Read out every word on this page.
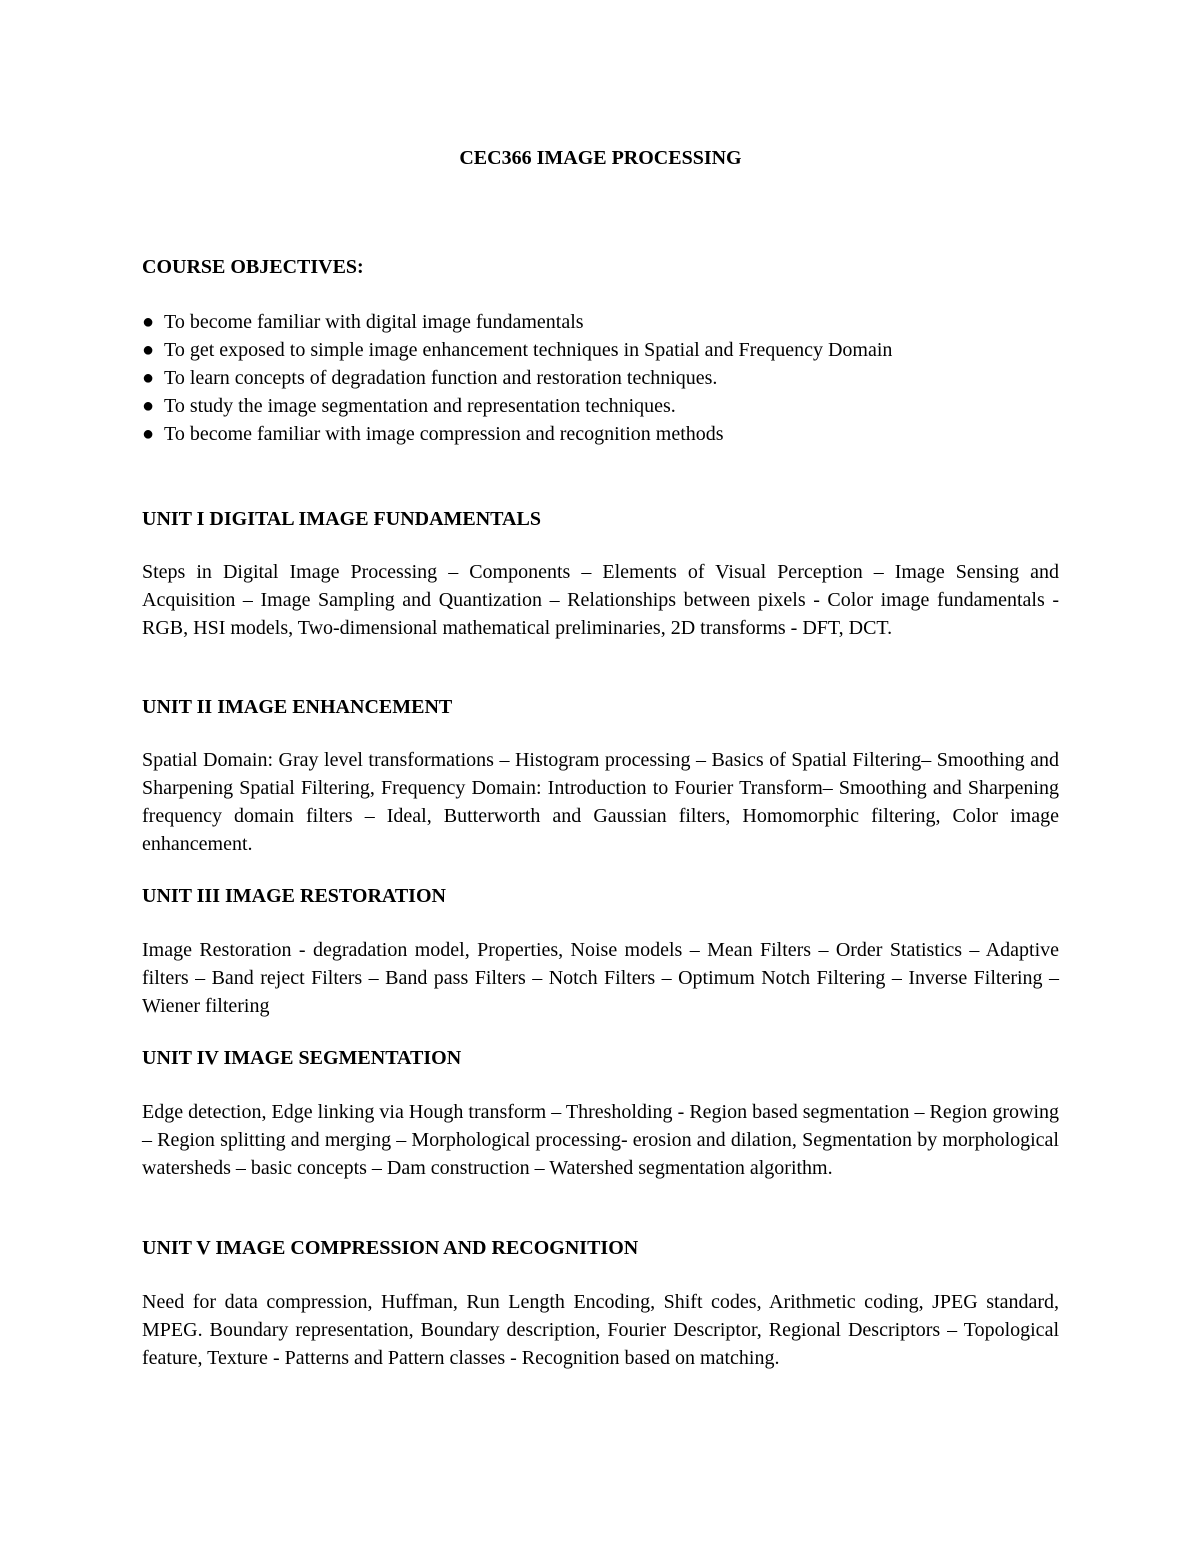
CEC366 IMAGE PROCESSING
COURSE OBJECTIVES:
● To become familiar with digital image fundamentals
● To get exposed to simple image enhancement techniques in Spatial and Frequency Domain
● To learn concepts of degradation function and restoration techniques.
● To study the image segmentation and representation techniques.
● To become familiar with image compression and recognition methods
UNIT I DIGITAL IMAGE FUNDAMENTALS

Steps in Digital Image Processing – Components – Elements of Visual Perception – Image Sensing and Acquisition – Image Sampling and Quantization – Relationships between pixels - Color image fundamentals - RGB, HSI models, Two-dimensional mathematical preliminaries, 2D transforms - DFT, DCT.

UNIT II IMAGE ENHANCEMENT

Spatial Domain: Gray level transformations – Histogram processing – Basics of Spatial Filtering– Smoothing and Sharpening Spatial Filtering, Frequency Domain: Introduction to Fourier Transform– Smoothing and Sharpening frequency domain filters – Ideal, Butterworth and Gaussian filters, Homomorphic filtering, Color image enhancement.

UNIT III IMAGE RESTORATION

Image Restoration - degradation model, Properties, Noise models – Mean Filters – Order Statistics – Adaptive filters – Band reject Filters – Band pass Filters – Notch Filters – Optimum Notch Filtering – Inverse Filtering – Wiener filtering

UNIT IV IMAGE SEGMENTATION

Edge detection, Edge linking via Hough transform – Thresholding - Region based segmentation – Region growing – Region splitting and merging – Morphological processing- erosion and dilation, Segmentation by morphological watersheds – basic concepts – Dam construction – Watershed segmentation algorithm.

UNIT V IMAGE COMPRESSION AND RECOGNITION

Need for data compression, Huffman, Run Length Encoding, Shift codes, Arithmetic coding, JPEG standard, MPEG. Boundary representation, Boundary description, Fourier Descriptor, Regional Descriptors – Topological feature, Texture - Patterns and Pattern classes - Recognition based on matching.
